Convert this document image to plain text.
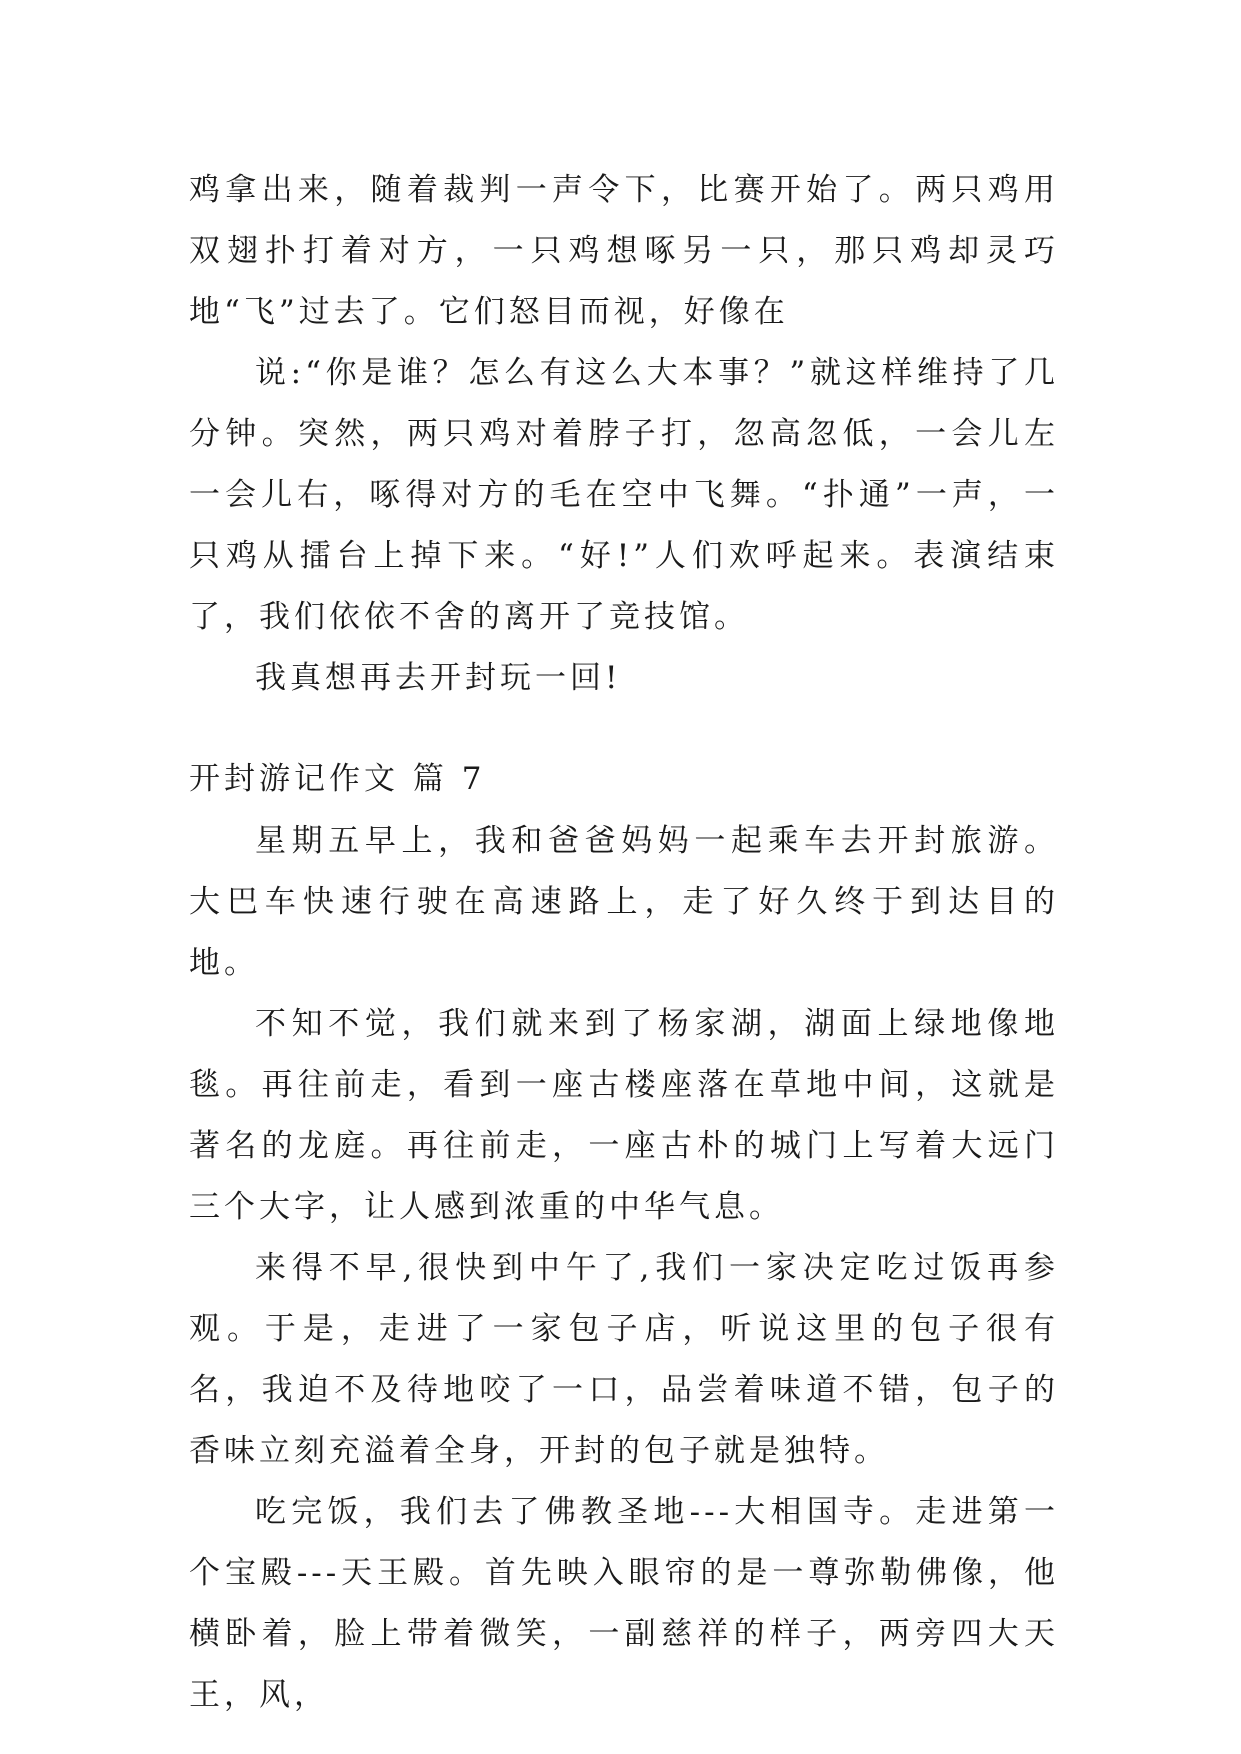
鸡拿出来，随着裁判一声令下，比赛开始了。两只鸡用双翅扑打着对方，一只鸡想啄另一只，那只鸡却灵巧地“飞”过去了。它们怒目而视，好像在

说:“你是谁？怎么有这么大本事？”就这样维持了几分钟。突然，两只鸡对着脖子打，忽高忽低，一会儿左一会儿右，啄得对方的毛在空中飞舞。“扑通”一声，一只鸡从擂台上掉下来。“好!”人们欢呼起来。表演结束了，我们依依不舍的离开了竞技馆。

我真想再去开封玩一回!

开封游记作文 篇 7

星期五早上，我和爸爸妈妈一起乘车去开封旅游。大巴车快速行驶在高速路上，走了好久终于到达目的地。

不知不觉，我们就来到了杨家湖，湖面上绿地像地毯。再往前走，看到一座古楼座落在草地中间，这就是著名的龙庭。再往前走，一座古朴的城门上写着大远门三个大字，让人感到浓重的中华气息。

来得不早,很快到中午了,我们一家决定吃过饭再参观。于是，走进了一家包子店，听说这里的包子很有名，我迫不及待地咬了一口，品尝着味道不错，包子的香味立刻充溢着全身，开封的包子就是独特。

吃完饭，我们去了佛教圣地---大相国寺。走进第一个宝殿---天王殿。首先映入眼帘的是一尊弥勒佛像，他横卧着，脸上带着微笑，一副慈祥的样子，两旁四大天王，风，
